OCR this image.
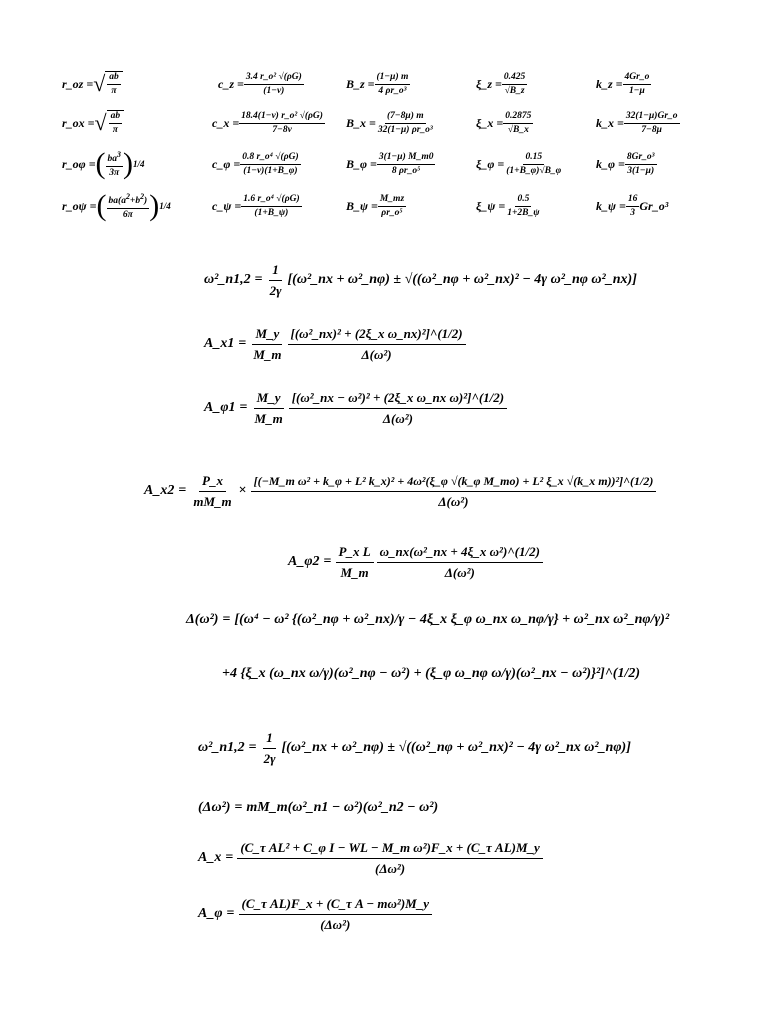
r_oz = √ $\frac{ab}{\pi}$
r_ox = √ $\frac{ab}{\pi}$
r_oφ = ( $\frac{ba^3}{3\pi}$ ) 1/4
r_oψ = ( $\frac{ba(a^2+b^2)}{6\pi}$ ) 1/4
c_z = $\frac{\text{3.4 r\_o² √(ρG)}}{(1-\nu)}$
c_x = $\frac{\text{18.4(1−ν) r\_o² √(ρG)}}{7-8\nu}$
c_φ = $\frac{\text{0.8 r\_o⁴ √(ρG)}}{(1-\nu)(1+B\_\varphi)}$
c_ψ = $\frac{\text{1.6 r\_o⁴ √(ρG)}}{(1+B\_\psi)}$
B_z = $\frac{(1-\mu) m}{\text{4 ρr\_o³}}$
B_x = $\frac{(7-8\mu) m}{\text{32(1−μ) ρr\_o³}}$
B_φ = $\frac{3(1-\mu) M\_m0}{\text{8 ρr\_o⁵}}$
B_ψ = $\frac{M\_mz}{\text{ρr\_o⁵}}$
ξ_z = $\frac{0.425}{√B\_z}$
ξ_x = $\frac{0.2875}{√B\_x}$
ξ_φ = $\frac{0.15}{(1+B\_\varphi)√B\_\varphi}$
ξ_ψ = $\frac{0.5}{1+2B\_\psi}$
k_z = $\frac{4Gr\_o}{1-\mu}$
k_x = $\frac{32(1-\mu)Gr\_o}{7-8\mu}$
k_φ = $\frac{\text{8Gr\_o³}}{3(1-\mu)}$
k_ψ = $\frac{16}{3}$ Gr_o³
ω²_n1,2 = $\frac{1}{2\gamma}$ [(ω²_nx + ω²_nφ) ± √((ω²_nφ + ω²_nx)² − 4γ ω²_nφ ω²_nx)]
A_x1 = $\frac{M\_y}{M\_m} \frac{\text{[(ω²\_nx)² + (2ξ\_x ω\_nx)²]\textasciicircum{}(1/2)}}{\text{Δ(ω²)}}$
A_φ1 = $\frac{M\_y}{M\_m} \frac{\text{[(ω²\_nx − ω²)² + (2ξ\_x ω\_nx ω)²]\textasciicircum{}(1/2)}}{\text{Δ(ω²)}}$
A_x2 = $\frac{P\_x}{mM\_m}$ ×
[(−M_m ω² + k_φ + L² k_x)² + 4ω²(ξ_φ √(k_φ M_mo) + L² ξ_x √(k_x m))²]^(1/2)
Δ(ω²)
A_φ2 = $\frac{\text{P\_x L}}{M\_m} \frac{\text{ω\_nx(ω²\_nx + 4ξ\_x ω²)\textasciicircum{}(1/2)}}{\text{Δ(ω²)}}$
Δ(ω²) = [(ω⁴ − ω² {(ω²_nφ + ω²_nx)/γ − 4ξ_x ξ_φ ω_nx ω_nφ/γ} + ω²_nx ω²_nφ/γ)²
+4 {ξ_x (ω_nx ω/γ)(ω²_nφ − ω²) + (ξ_φ ω_nφ ω/γ)(ω²_nx − ω²)}²]^(1/2)
ω²_n1,2 = $\frac{1}{2\gamma}$ [(ω²_nx + ω²_nφ) ± √((ω²_nφ + ω²_nx)² − 4γ ω²_nx ω²_nφ)]
(Δω²) = mM_m(ω²_n1 − ω²)(ω²_n2 − ω²)
A_x = $\frac{\text{(C\_τ AL² + C\_φ I − WL − M\_m ω²)F\_x + (C\_τ AL)M\_y}}{\text{(Δω²)}}$
A_φ = $\frac{\text{(C\_τ AL)F\_x + (C\_τ A − mω²)M\_y}}{\text{(Δω²)}}$
